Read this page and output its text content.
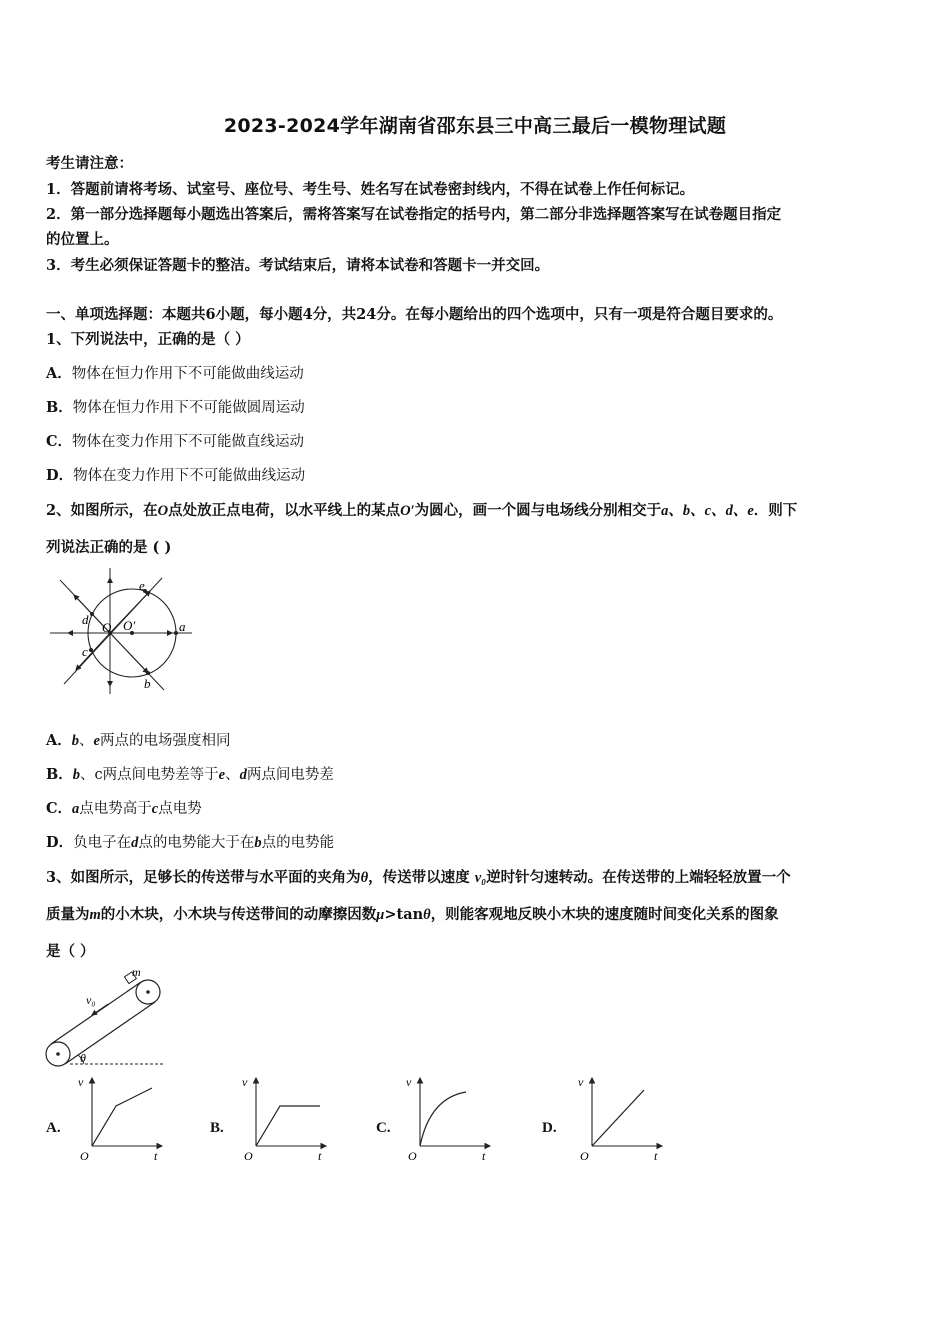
2023-2024学年湖南省邵东县三中高三最后一模物理试题
考生请注意：
1．答题前请将考场、试室号、座位号、考生号、姓名写在试卷密封线内，不得在试卷上作任何标记。
2．第一部分选择题每小题选出答案后，需将答案写在试卷指定的括号内，第二部分非选择题答案写在试卷题目指定
的位置上。
3．考生必须保证答题卡的整洁。考试结束后，请将本试卷和答题卡一并交回。
一、单项选择题：本题共6小题，每小题4分，共24分。在每小题给出的四个选项中，只有一项是符合题目要求的。
1、下列说法中，正确的是（ ）
A．物体在恒力作用下不可能做曲线运动
B．物体在恒力作用下不可能做圆周运动
C．物体在变力作用下不可能做直线运动
D．物体在变力作用下不可能做曲线运动
2、如图所示，在O点处放正点电荷，以水平线上的某点O′为圆心，画一个圆与电场线分别相交于a、b、c、d、e．则下
列说法正确的是 ( )
e
a
b
d
c
O O′
A．b、e两点的电场强度相同
B．b、c两点间电势差等于e、d两点间电势差
C．a点电势高于c点电势
D．负电子在d点的电势能大于在b点的电势能
3、如图所示，足够长的传送带与水平面的夹角为θ，传送带以速度 v₀逆时针匀速转动。在传送带的上端轻轻放置一个
质量为m的小木块，小木块与传送带间的动摩擦因数μ>tanθ，则能客观地反映小木块的速度随时间变化关系的图象
是（ ）
m
v₀
θ
A.
v
t
O
B.
v
t
O
C.
v
t
O
D.
v
t
O
